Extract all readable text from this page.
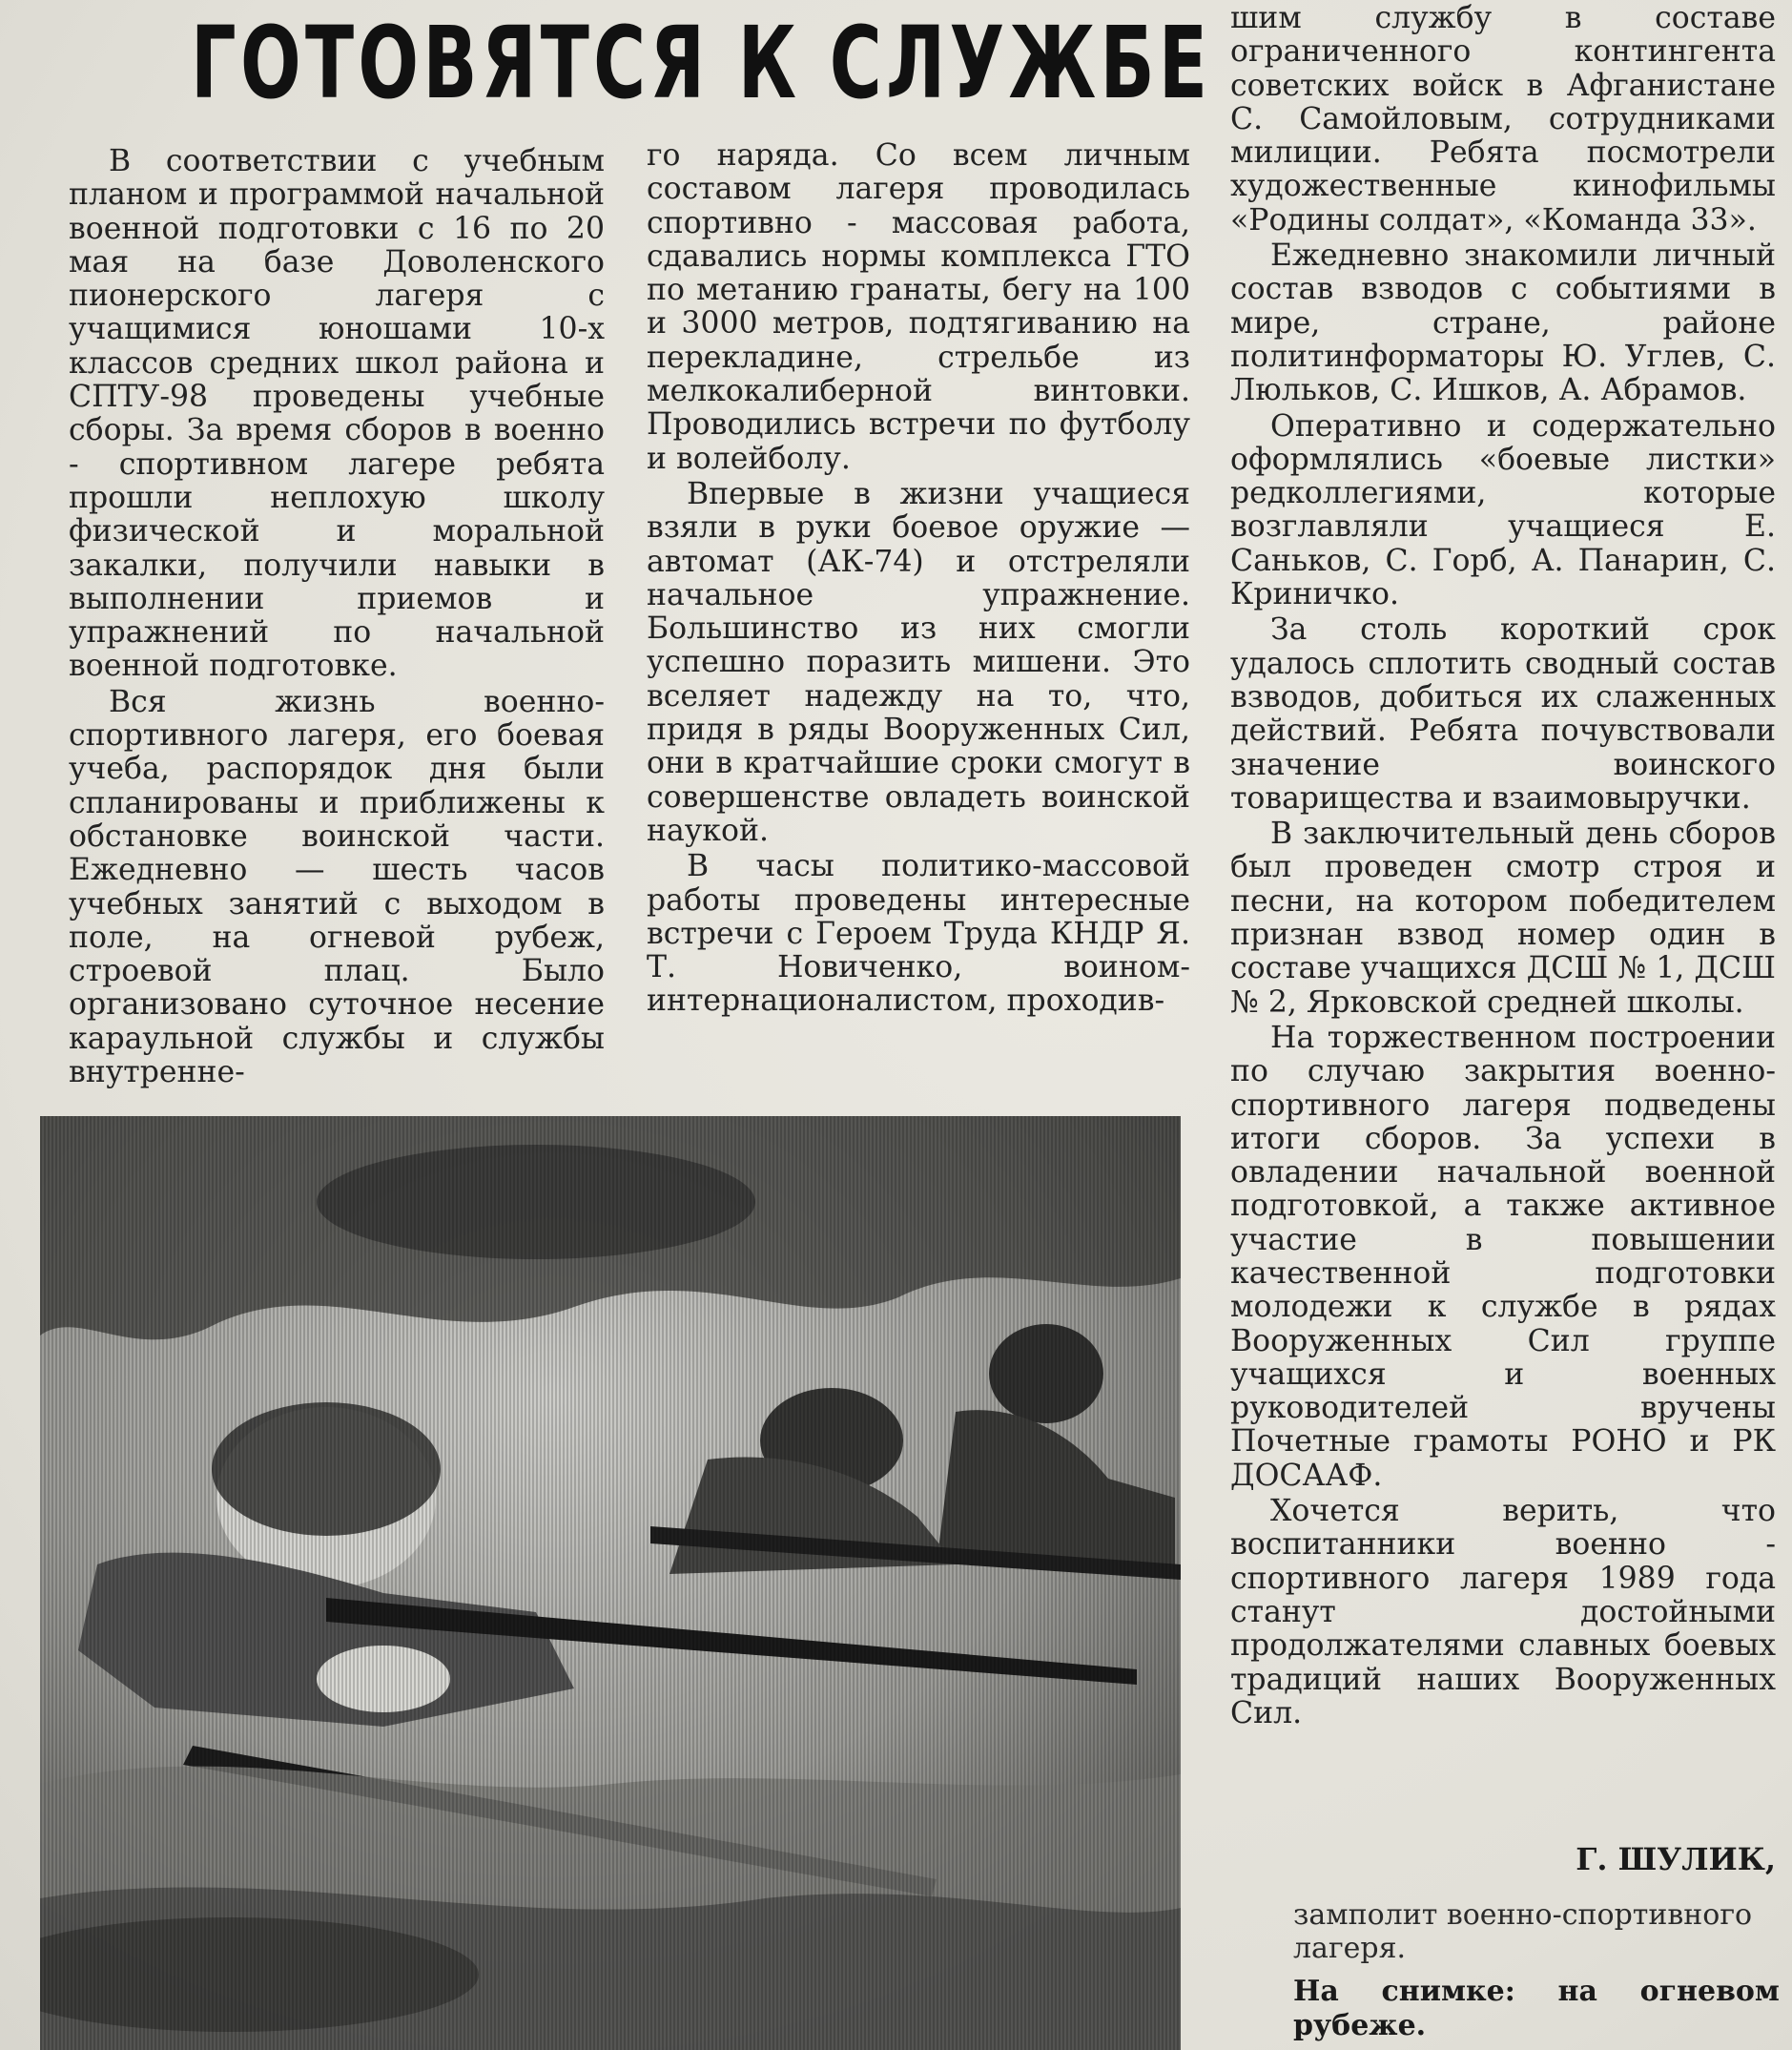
ГОТОВЯТСЯ К СЛУЖБЕ

В соответствии с учебным планом и программой начальной военной подготовки с 16 по 20 мая на базе Доволенского пионерского лагеря с учащимися юношами 10-х классов средних школ района и СПТУ-98 проведены учебные сборы. За время сборов в военно - спортивном лагере ребята прошли неплохую школу физической и моральной закалки, получили навыки в выполнении приемов и упражнений по начальной военной подготовке.

Вся жизнь военно-спортивного лагеря, его боевая учеба, распорядок дня были спланированы и приближены к обстановке воинской части. Ежедневно — шесть часов учебных занятий с выходом в поле, на огневой рубеж, строевой плац. Было организовано суточное несение караульной службы и службы внутренне-

го наряда. Со всем личным составом лагеря проводилась спортивно - массовая работа, сдавались нормы комплекса ГТО по метанию гранаты, бегу на 100 и 3000 метров, подтягиванию на перекладине, стрельбе из мелкокалиберной винтовки. Проводились встречи по футболу и волейболу.

Впервые в жизни учащиеся взяли в руки боевое оружие — автомат (АК-74) и отстреляли начальное упражнение. Большинство из них смогли успешно поразить мишени. Это вселяет надежду на то, что, придя в ряды Вооруженных Сил, они в кратчайшие сроки смогут в совершенстве овладеть воинской наукой.

В часы политико-массовой работы проведены интересные встречи с Героем Труда КНДР Я. Т. Новиченко, воином-интернационалистом, проходив-

шим службу в составе ограниченного контингента советских войск в Афганистане С. Самойловым, сотрудниками милиции. Ребята посмотрели художественные кинофильмы «Родины солдат», «Команда 33».

Ежедневно знакомили личный состав взводов с событиями в мире, стране, районе политинформаторы Ю. Углев, С. Люльков, С. Ишков, А. Абрамов.

Оперативно и содержательно оформлялись «боевые листки» редколлегиями, которые возглавляли учащиеся Е. Саньков, С. Горб, А. Панарин, С. Криничко.

За столь короткий срок удалось сплотить сводный состав взводов, добиться их слаженных действий. Ребята почувствовали значение воинского товарищества и взаимовыручки.

В заключительный день сборов был проведен смотр строя и песни, на котором победителем признан взвод номер один в составе учащихся ДСШ № 1, ДСШ № 2, Ярковской средней школы.

На торжественном построении по случаю закрытия военно-спортивного лагеря подведены итоги сборов. За успехи в овладении начальной военной подготовкой, а также активное участие в повышении качественной подготовки молодежи к службе в рядах Вооруженных Сил группе учащихся и военных руководителей вручены Почетные грамоты РОНО и РК ДОСААФ.

Хочется верить, что воспитанники военно - спортивного лагеря 1989 года станут достойными продолжателями славных боевых традиций наших Вооруженных Сил.

Г. ШУЛИК,
замполит военно-спортивного лагеря.
На снимке: на огневом рубеже.
